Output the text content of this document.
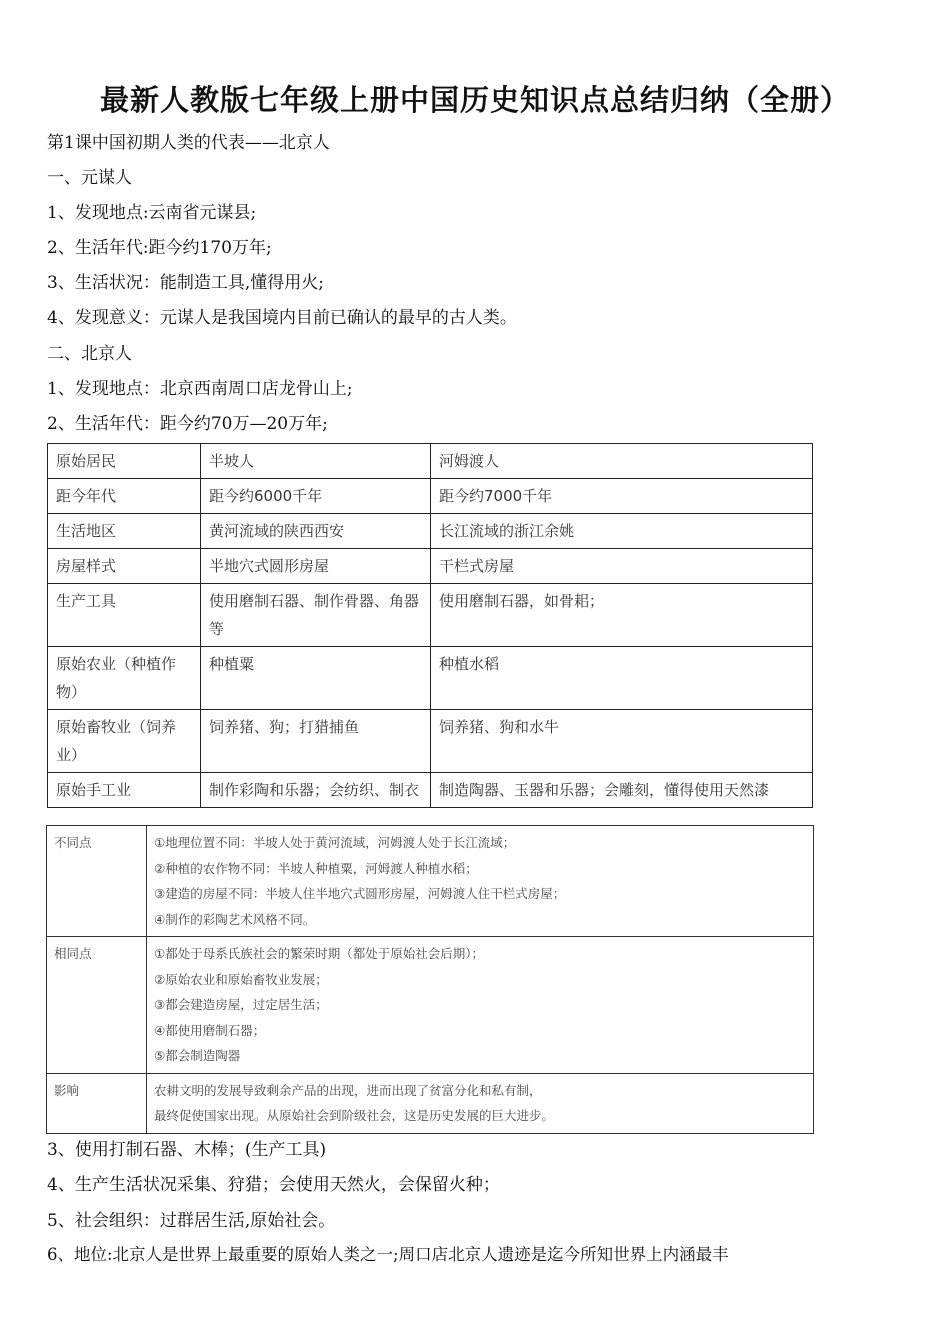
最新人教版七年级上册中国历史知识点总结归纳（全册）

第1课中国初期人类的代表——北京人

一、元谋人

1、发现地点:云南省元谋县;

2、生活年代:距今约170万年;

3、生活状况：能制造工具,懂得用火;

4、发现意义：元谋人是我国境内目前已确认的最早的古人类。

二、北京人

1、发现地点：北京西南周口店龙骨山上;

2、生活年代：距今约70万—20万年;

原始居民	半坡人	河姆渡人
距今年代	距今约6000千年	距今约7000千年
生活地区	黄河流域的陕西西安	长江流域的浙江余姚
房屋样式	半地穴式圆形房屋	干栏式房屋
生产工具	使用磨制石器、制作骨器、角器等	使用磨制石器，如骨耜；
原始农业（种植作物）	种植粟	种植水稻
原始畜牧业（饲养业）	饲养猪、狗；打猎捕鱼	饲养猪、狗和水牛
原始手工业	制作彩陶和乐器；会纺织、制衣	制造陶器、玉器和乐器；会雕刻，懂得使用天然漆
不同点	①地理位置不同：半坡人处于黄河流域，河姆渡人处于长江流域；
②种植的农作物不同：半坡人种植粟，河姆渡人种植水稻；
③建造的房屋不同：半坡人住半地穴式圆形房屋，河姆渡人住干栏式房屋；
④制作的彩陶艺术风格不同。

相同点	①都处于母系氏族社会的繁荣时期（都处于原始社会后期）；
②原始农业和原始畜牧业发展；
③都会建造房屋，过定居生活；
④都使用磨制石器；
⑤都会制造陶器

影响	农耕文明的发展导致剩余产品的出现，进而出现了贫富分化和私有制，
最终促使国家出现。从原始社会到阶级社会，这是历史发展的巨大进步。

3、使用打制石器、木棒；(生产工具)

4、生产生活状况采集、狩猎；会使用天然火，会保留火种；

5、社会组织：过群居生活,原始社会。

6、地位:北京人是世界上最重要的原始人类之一;周口店北京人遗迹是迄今所知世界上内涵最丰
